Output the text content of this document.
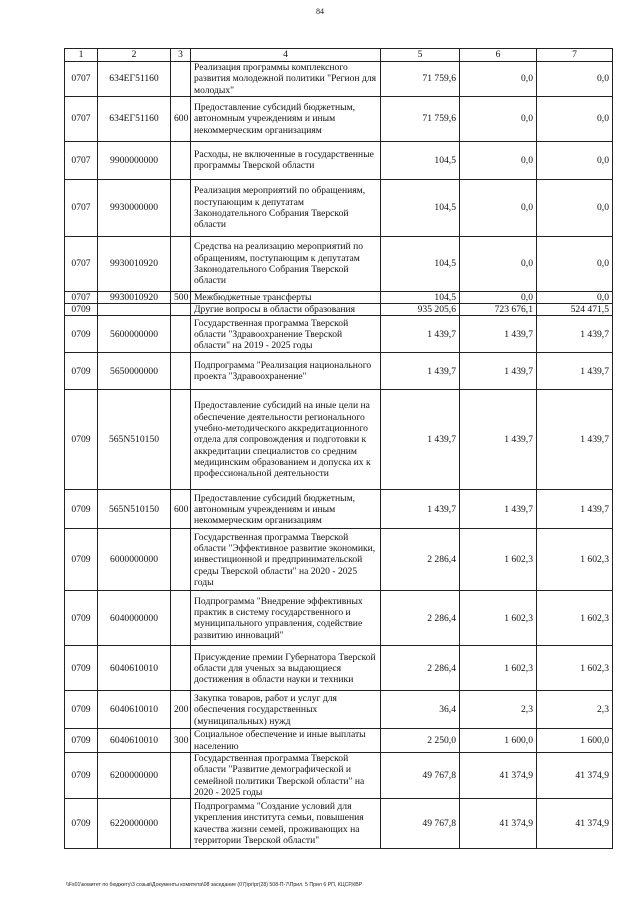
84
1	2	3	4	5	6	7
0707	634ЕГ51160		Реализация программы комплексного развития молодежной политики "Регион для молодых"	71 759,6	0,0	0,0
0707	634ЕГ51160	600	Предоставление субсидий бюджетным, автономным учреждениям и иным некоммерческим организациям	71 759,6	0,0	0,0
0707	9900000000		Расходы, не включенные в государственные программы Тверской области	104,5	0,0	0,0
0707	9930000000		Реализация мероприятий по обращениям, поступающим к депутатам Законодательного Собрания Тверской области	104,5	0,0	0,0
0707	9930010920		Средства на реализацию мероприятий по обращениям, поступающим к депутатам Законодательного Собрания Тверской области	104,5	0,0	0,0
0707	9930010920	500	Межбюджетные трансферты	104,5	0,0	0,0
0709			Другие вопросы в области образования	935 205,6	723 676,1	524 471,5
0709	5600000000		Государственная программа Тверской области "Здравоохранение Тверской области" на 2019 - 2025 годы	1 439,7	1 439,7	1 439,7
0709	5650000000		Подпрограмма "Реализация национального проекта "Здравоохранение"	1 439,7	1 439,7	1 439,7
0709	565N510150		Предоставление субсидий на иные цели на обеспечение деятельности регионального учебно-методического аккредитационного отдела для сопровождения и подготовки к аккредитации специалистов со средним медицинским образованием и допуска их к профессиональной деятельности	1 439,7	1 439,7	1 439,7
0709	565N510150	600	Предоставление субсидий бюджетным, автономным учреждениям и иным некоммерческим организациям	1 439,7	1 439,7	1 439,7
0709	6000000000		Государственная программа Тверской области "Эффективное развитие экономики, инвестиционной и предпринимательской среды Тверской области" на 2020 - 2025 годы	2 286,4	1 602,3	1 602,3
0709	6040000000		Подпрограмма "Внедрение эффективных практик в систему государственного и муниципального управления, содействие развитию инноваций"	2 286,4	1 602,3	1 602,3
0709	6040610010		Присуждение премии Губернатора Тверской области для ученых за выдающиеся достижения в области науки и техники	2 286,4	1 602,3	1 602,3
0709	6040610010	200	Закупка товаров, работ и услуг для обеспечения государственных (муниципальных) нужд	36,4	2,3	2,3
0709	6040610010	300	Социальное обеспечение и иные выплаты населению	2 250,0	1 600,0	1 600,0
0709	6200000000		Государственная программа Тверской области "Развитие демографической и семейной политики Тверской области" на 2020 - 2025 годы	49 767,8	41 374,9	41 374,9
0709	6220000000		Подпрограмма "Создание условий для укрепления института семьи, повышения качества жизни семей, проживающих на территории Тверской области"	49 767,8	41 374,9	41 374,9
\\Fs01\комитет по бюджету\3 созыв\Документы комитета\08 заседание (07)\pr\pr(28) 508-П-7\Прил. 5 Прил 6 РП, КЦСР,КВР
